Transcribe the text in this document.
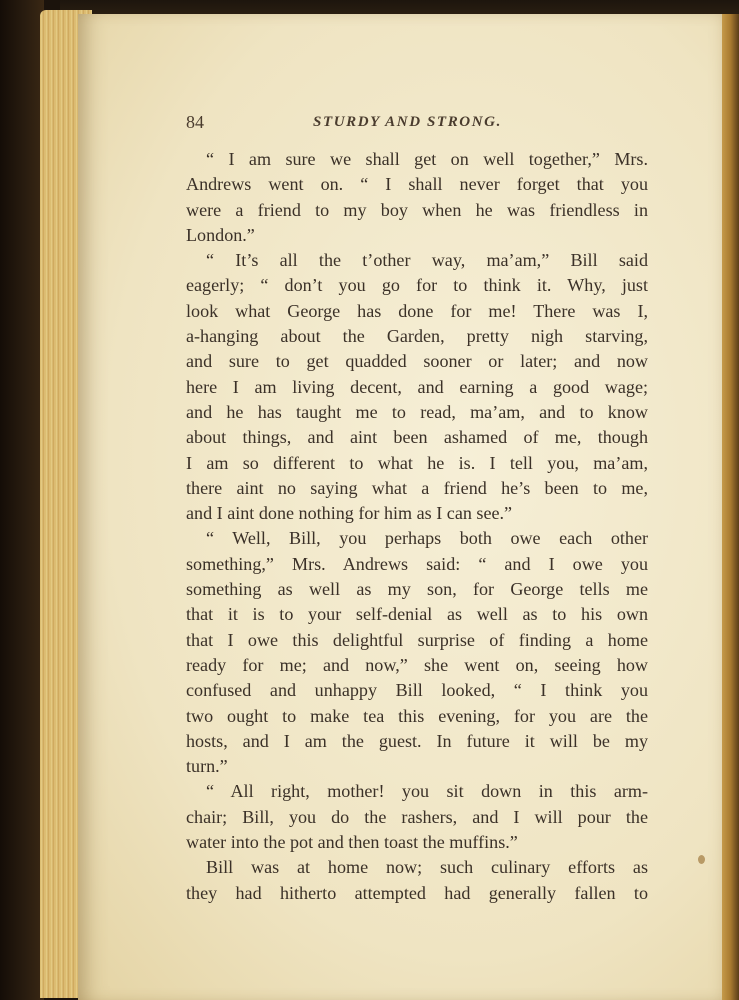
84	STURDY AND STRONG.
“ I am sure we shall get on well together,” Mrs.
Andrews went on. “ I shall never forget that you
were a friend to my boy when he was friendless in
London.”
“ It’s all the t’other way, ma’am,” Bill said
eagerly; “ don’t you go for to think it. Why, just
look what George has done for me! There was I,
a-hanging about the Garden, pretty nigh starving,
and sure to get quadded sooner or later; and now
here I am living decent, and earning a good wage;
and he has taught me to read, ma’am, and to know
about things, and aint been ashamed of me, though
I am so different to what he is. I tell you, ma’am,
there aint no saying what a friend he’s been to me,
and I aint done nothing for him as I can see.”
“ Well, Bill, you perhaps both owe each other
something,” Mrs. Andrews said: “ and I owe you
something as well as my son, for George tells me
that it is to your self-denial as well as to his own
that I owe this delightful surprise of finding a home
ready for me; and now,” she went on, seeing how
confused and unhappy Bill looked, “ I think you
two ought to make tea this evening, for you are the
hosts, and I am the guest. In future it will be my
turn.”
“ All right, mother! you sit down in this arm-
chair; Bill, you do the rashers, and I will pour the
water into the pot and then toast the muffins.”
Bill was at home now; such culinary efforts as
they had hitherto attempted had generally fallen to
